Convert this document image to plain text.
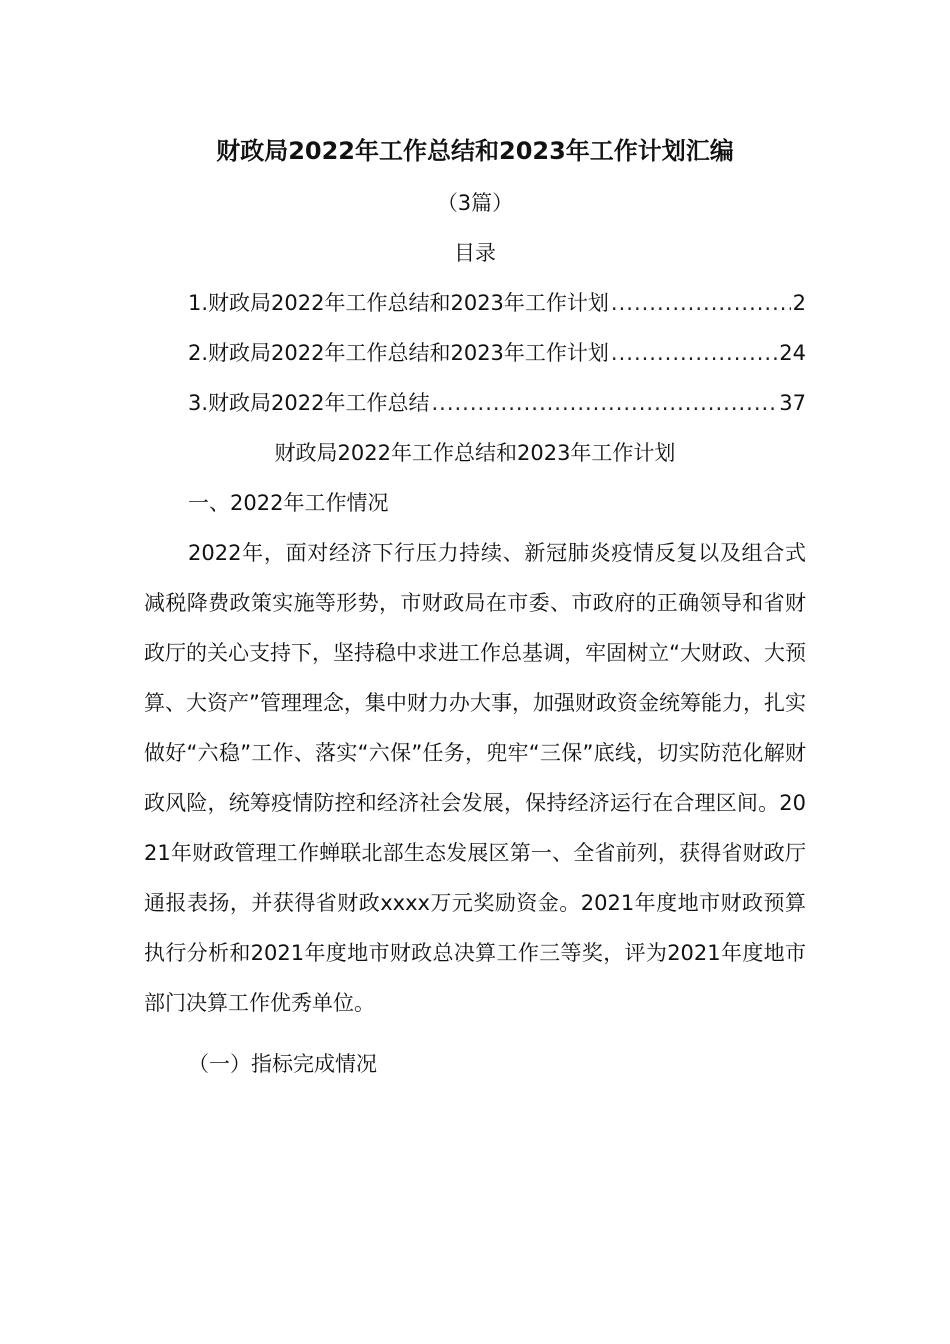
财政局2022年工作总结和2023年工作计划汇编
（3篇）
目录
1.财政局2022年工作总结和2023年工作计划 .....	2
2.财政局2022年工作总结和2023年工作计划 .....	24
3.财政局2022年工作总结 .....	37
财政局2022年工作总结和2023年工作计划
一、2022年工作情况

2022年，面对经济下行压力持续、新冠肺炎疫情反复以及组合式减税降费政策实施等形势，市财政局在市委、市政府的正确领导和省财政厅的关心支持下，坚持稳中求进工作总基调，牢固树立“大财政、大预算、大资产”管理理念，集中财力办大事，加强财政资金统筹能力，扎实做好“六稳”工作、落实“六保”任务，兜牢“三保”底线，切实防范化解财政风险，统筹疫情防控和经济社会发展，保持经济运行在合理区间。2021年财政管理工作蝉联北部生态发展区第一、全省前列，获得省财政厅通报表扬，并获得省财政xxxx万元奖励资金。2021年度地市财政预算执行分析和2021年度地市财政总决算工作三等奖，评为2021年度地市部门决算工作优秀单位。

（一）指标完成情况
